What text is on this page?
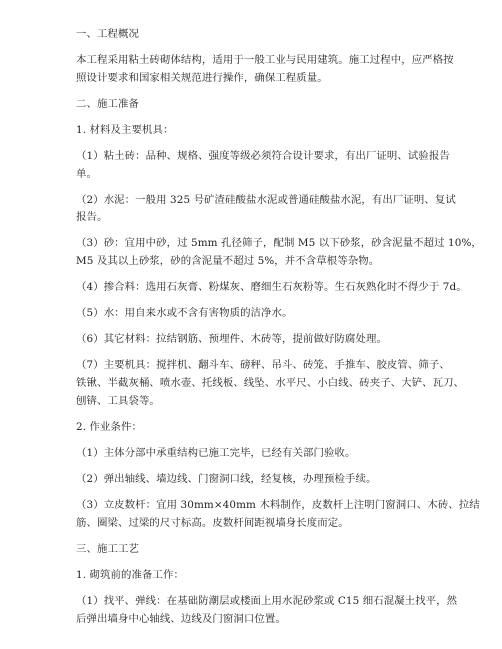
一、工程概况
本工程采用粘土砖砌体结构，适用于一般工业与民用建筑。施工过程中，应严格按
照设计要求和国家相关规范进行操作，确保工程质量。
二、施工准备
1. 材料及主要机具：
（1）粘土砖：品种、规格、强度等级必须符合设计要求，有出厂证明、试验报告
单。
（2）水泥：一般用 325 号矿渣硅酸盐水泥或普通硅酸盐水泥，有出厂证明、复试
报告。
（3）砂：宜用中砂，过 5mm 孔径筛子，配制 M5 以下砂浆，砂含泥量不超过 10%，
M5 及其以上砂浆，砂的含泥量不超过 5%，并不含草根等杂物。
（4）掺合料：选用石灰膏、粉煤灰、磨细生石灰粉等。生石灰熟化时不得少于 7d。
（5）水：用自来水或不含有害物质的洁净水。
（6）其它材料：拉结钢筋、预埋件、木砖等，提前做好防腐处理。
（7）主要机具：搅拌机、翻斗车、磅秤、吊斗、砖笼、手推车、胶皮管、筛子、
铁锹、半截灰桶、喷水壶、托线板、线坠、水平尺、小白线、砖夹子、大铲、瓦刀、
刨锛、工具袋等。
2. 作业条件：
（1）主体分部中承重结构已施工完毕，已经有关部门验收。
（2）弹出轴线、墙边线、门窗洞口线，经复核，办理预检手续。
（3）立皮数杆：宜用 30mm×40mm 木料制作，皮数杆上注明门窗洞口、木砖、拉结
筋、圈梁、过梁的尺寸标高。皮数杆间距视墙身长度而定。
三、施工工艺
1. 砌筑前的准备工作：
（1）找平、弹线：在基础防潮层或楼面上用水泥砂浆或 C15 细石混凝土找平，然
后弹出墙身中心轴线、边线及门窗洞口位置。
